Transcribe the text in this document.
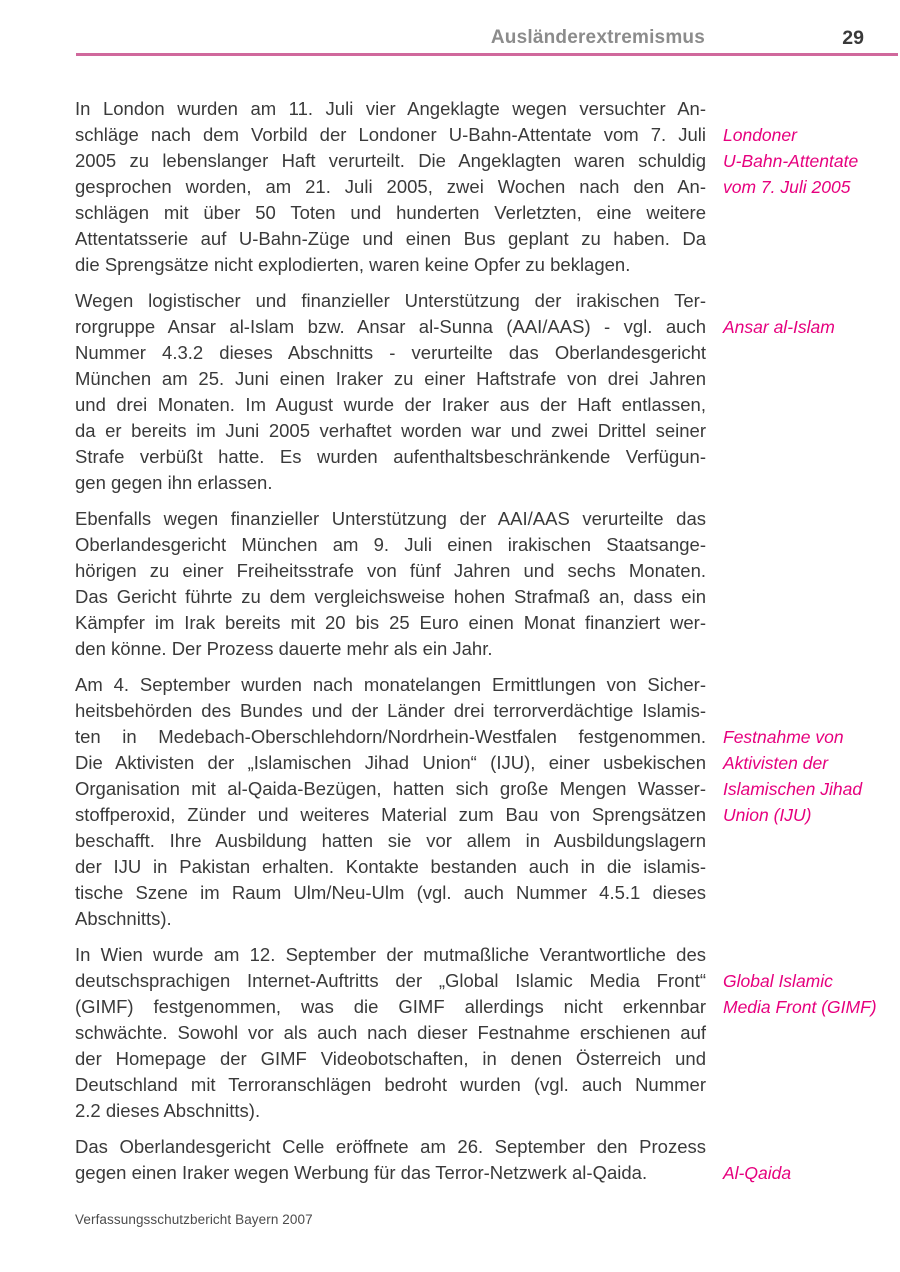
Ausländerextremismus	29
In London wurden am 11. Juli vier Angeklagte wegen versuchter An-
schläge nach dem Vorbild der Londoner U-Bahn-Attentate vom 7. Juli
2005 zu lebenslanger Haft verurteilt. Die Angeklagten waren schuldig
gesprochen worden, am 21. Juli 2005, zwei Wochen nach den An-
schlägen mit über 50 Toten und hunderten Verletzten, eine weitere
Attentatsserie auf U-Bahn-Züge und einen Bus geplant zu haben. Da
die Sprengsätze nicht explodierten, waren keine Opfer zu beklagen.
Londoner
U-Bahn-Attentate
vom 7. Juli 2005
Wegen logistischer und finanzieller Unterstützung der irakischen Ter-
rorgruppe Ansar al-Islam bzw. Ansar al-Sunna (AAI/AAS) - vgl. auch
Nummer 4.3.2 dieses Abschnitts - verurteilte das Oberlandesgericht
München am 25. Juni einen Iraker zu einer Haftstrafe von drei Jahren
und drei Monaten. Im August wurde der Iraker aus der Haft entlassen,
da er bereits im Juni 2005 verhaftet worden war und zwei Drittel seiner
Strafe verbüßt hatte. Es wurden aufenthaltsbeschränkende Verfügun-
gen gegen ihn erlassen.
Ansar al-Islam
Ebenfalls wegen finanzieller Unterstützung der AAI/AAS verurteilte das
Oberlandesgericht München am 9. Juli einen irakischen Staatsange-
hörigen zu einer Freiheitsstrafe von fünf Jahren und sechs Monaten.
Das Gericht führte zu dem vergleichsweise hohen Strafmaß an, dass ein
Kämpfer im Irak bereits mit 20 bis 25 Euro einen Monat finanziert wer-
den könne. Der Prozess dauerte mehr als ein Jahr.
Am 4. September wurden nach monatelangen Ermittlungen von Sicher-
heitsbehörden des Bundes und der Länder drei terrorverdächtige Islamis-
ten in Medebach-Oberschlehdorn/Nordrhein-Westfalen festgenommen.
Die Aktivisten der „Islamischen Jihad Union“ (IJU), einer usbekischen
Organisation mit al-Qaida-Bezügen, hatten sich große Mengen Wasser-
stoffperoxid, Zünder und weiteres Material zum Bau von Sprengsätzen
beschafft. Ihre Ausbildung hatten sie vor allem in Ausbildungslagern
der IJU in Pakistan erhalten. Kontakte bestanden auch in die islamis-
tische Szene im Raum Ulm/Neu-Ulm (vgl. auch Nummer 4.5.1 dieses
Abschnitts).
Festnahme von
Aktivisten der
Islamischen Jihad
Union (IJU)
In Wien wurde am 12. September der mutmaßliche Verantwortliche des
deutschsprachigen Internet-Auftritts der „Global Islamic Media Front“
(GIMF) festgenommen, was die GIMF allerdings nicht erkennbar
schwächte. Sowohl vor als auch nach dieser Festnahme erschienen auf
der Homepage der GIMF Videobotschaften, in denen Österreich und
Deutschland mit Terroranschlägen bedroht wurden (vgl. auch Nummer
2.2 dieses Abschnitts).
Global Islamic
Media Front (GIMF)
Das Oberlandesgericht Celle eröffnete am 26. September den Prozess
gegen einen Iraker wegen Werbung für das Terror-Netzwerk al-Qaida.	Al-Qaida
Verfassungsschutzbericht Bayern 2007
